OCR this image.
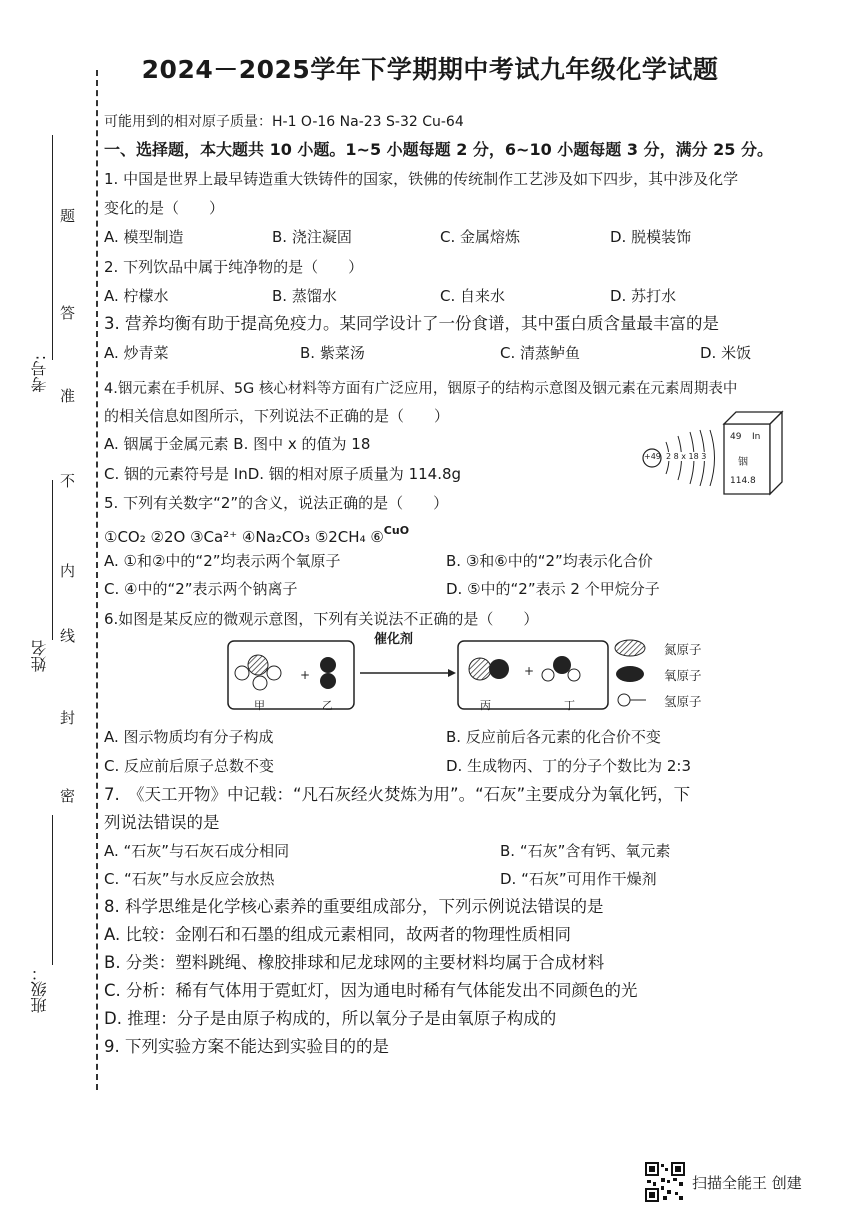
2024－2025学年下学期期中考试九年级化学试题
题
答
准
不
内
线
封
密
考号:
姓名
班级：
可能用到的相对原子质量：H-1 O-16 Na-23 S-32 Cu-64
一、选择题，本大题共 10 小题。1~5 小题每题 2 分，6~10 小题每题 3 分，满分 25 分。
1. 中国是世界上最早铸造重大铁铸件的国家，铁佛的传统制作工艺涉及如下四步，其中涉及化学
变化的是（　　）
A. 模型制造	B. 浇注凝固	C. 金属熔炼	D. 脱模装饰
2. 下列饮品中属于纯净物的是（　　）
A. 柠檬水	B. 蒸馏水	C. 自来水	D. 苏打水
3. 营养均衡有助于提高免疫力。某同学设计了一份食谱，其中蛋白质含量最丰富的是
A. 炒青菜	B. 紫菜汤	C. 清蒸鲈鱼	D. 米饭
4.铟元素在手机屏、5G 核心材料等方面有广泛应用，铟原子的结构示意图及铟元素在元素周期表中
的相关信息如图所示，下列说法不正确的是（　　）
A. 铟属于金属元素 B. 图中 x 的值为 18
C. 铟的元素符号是 InD. 铟的相对原子质量为 114.8g
+49 2 8 x 18 3
49 In
铟
114.8
5. 下列有关数字“2”的含义，说法正确的是（　　）
①CO₂ ②2O ③Ca²⁺ ④Na₂CO₃ ⑤2CH₄ ⑥$^{CuO}$
A. ①和②中的“2”均表示两个氧原子	B. ③和⑥中的“2”均表示化合价
C. ④中的“2”表示两个钠离子	D. ⑤中的“2”表示 2 个甲烷分子
6.如图是某反应的微观示意图，下列有关说法不正确的是（　　）
+	+
催化剂
甲	乙	丙	丁
氮原子
氧原子
氢原子
A. 图示物质均有分子构成	B. 反应前后各元素的化合价不变
C. 反应前后原子总数不变	D. 生成物丙、丁的分子个数比为 2:3
7.　《天工开物》中记载：“凡石灰经火焚炼为用”。“石灰”主要成分为氧化钙，下
列说法错误的是
A. “石灰”与石灰石成分相同	B. “石灰”含有钙、氧元素
C. “石灰”与水反应会放热	D. “石灰”可用作干燥剂
8. 科学思维是化学核心素养的重要组成部分，下列示例说法错误的是
A. 比较：金刚石和石墨的组成元素相同，故两者的物理性质相同
B. 分类：塑料跳绳、橡胶排球和尼龙球网的主要材料均属于合成材料
C. 分析：稀有气体用于霓虹灯，因为通电时稀有气体能发出不同颜色的光
D. 推理：分子是由原子构成的，所以氧分子是由氧原子构成的
9. 下列实验方案不能达到实验目的的是
扫描全能王 创建
